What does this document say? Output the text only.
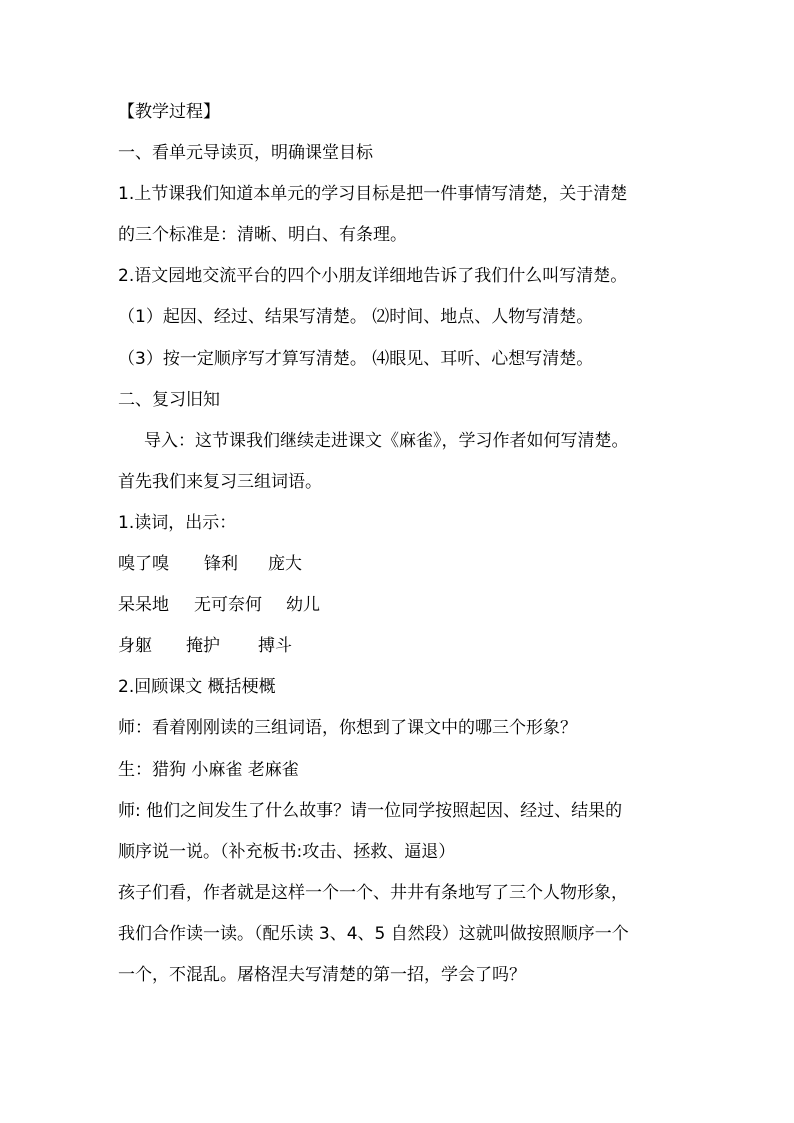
【教学过程】
一、看单元导读页，明确课堂目标
1.上节课我们知道本单元的学习目标是把一件事情写清楚，关于清楚
的三个标准是：清晰、明白、有条理。
2.语文园地交流平台的四个小朋友详细地告诉了我们什么叫写清楚。
（1）起因、经过、结果写清楚。 ⑵时间、地点、人物写清楚。
（3）按一定顺序写才算写清楚。 ⑷眼见、耳听、心想写清楚。
二、复习旧知
导入：这节课我们继续走进课文《麻雀》，学习作者如何写清楚。
首先我们来复习三组词语。
1.读词，出示：
嗅了嗅 锋利 庞大
呆呆地 无可奈何 幼儿
身躯 掩护 搏斗
2.回顾课文 概括梗概
师：看着刚刚读的三组词语，你想到了课文中的哪三个形象？
生：猎狗 小麻雀 老麻雀
师: 他们之间发生了什么故事？请一位同学按照起因、经过、结果的
顺序说一说。（补充板书:攻击、拯救、逼退）
孩子们看，作者就是这样一个一个、井井有条地写了三个人物形象，
我们合作读一读。（配乐读 3、4、5 自然段）这就叫做按照顺序一个
一个，不混乱。屠格涅夫写清楚的第一招，学会了吗？
